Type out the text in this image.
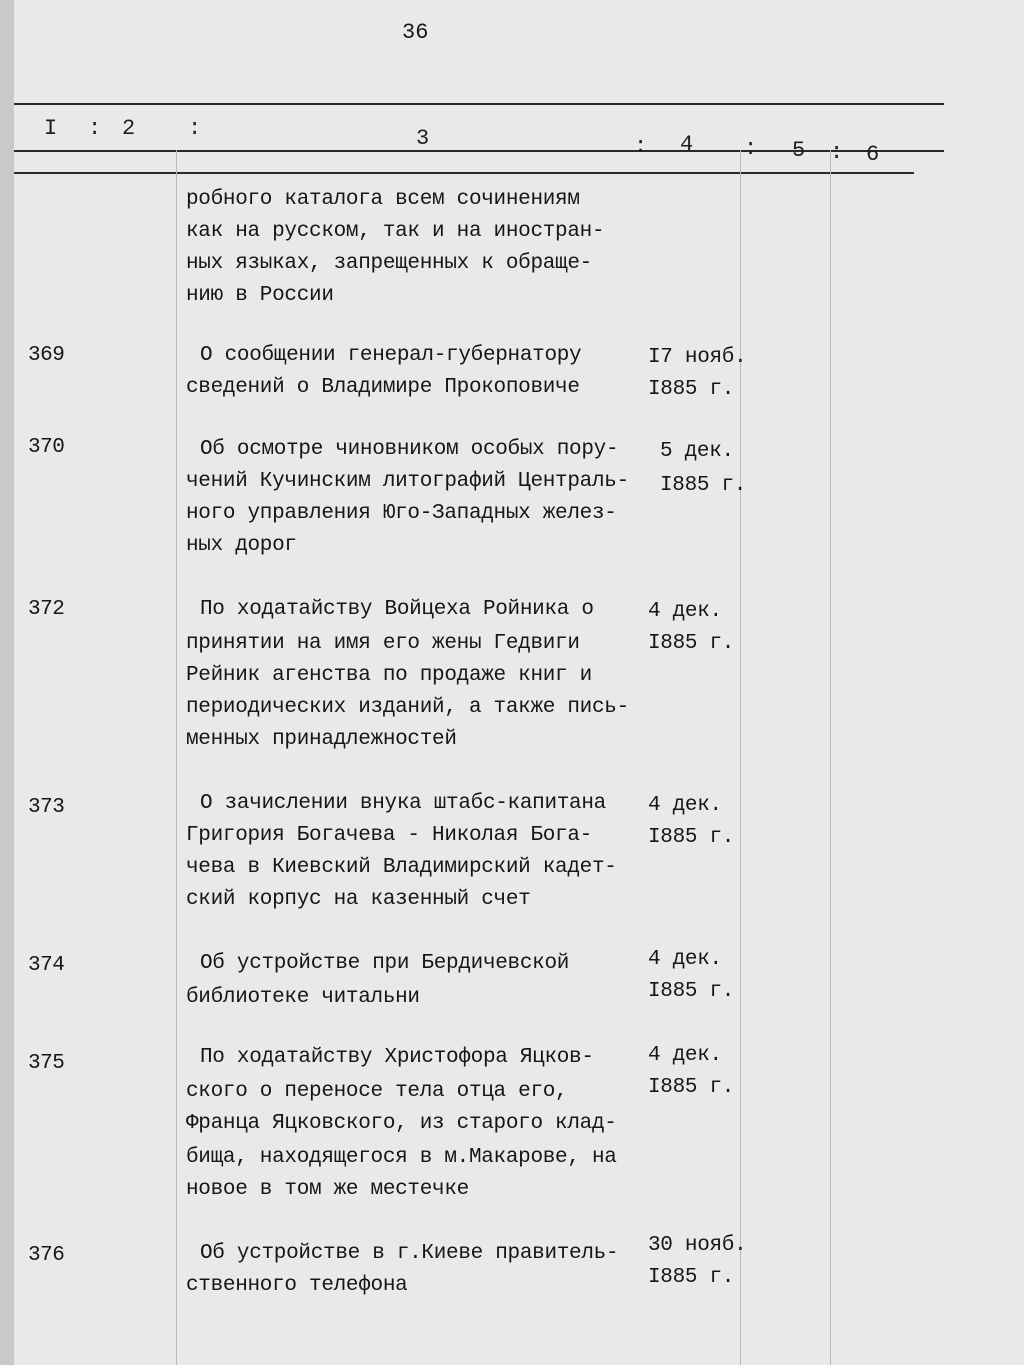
36
I : 2 :	3	: 4 : 5 : 6
робного каталога всем сочинениям
как на русском, так и на иностран-
ных языках, запрещенных к обраще-
нию в России
369	О сообщении генерал-губернатору
сведений о Владимире Прокоповиче
I7 нояб.
I885 г.
370	Об осмотре чиновником особых пору-
чений Кучинским литографий Централь-
ного управления Юго-Западных желез-
ных дорог
5 дек.
I885 г.
372	По ходатайству Войцеха Ройника о
принятии на имя его жены Гедвиги
Рейник агенства по продаже книг и
периодических изданий, а также пись-
менных принадлежностей
4 дек.
I885 г.
373	О зачислении внука штабс-капитана
Григория Богачева - Николая Бога-
чева в Киевский Владимирский кадет-
ский корпус на казенный счет
4 дек.
I885 г.
374	Об устройстве при Бердичевской
библиотеке читальни
4 дек.
I885 г.
375	По ходатайству Христофора Яцков-
ского о переносе тела отца его,
Франца Яцковского, из старого клад-
бища, находящегося в м.Макарове, на
новое в том же местечке
4 дек.
I885 г.
376	Об устройстве в г.Киеве правитель-
ственного телефона
30 нояб.
I885 г.
